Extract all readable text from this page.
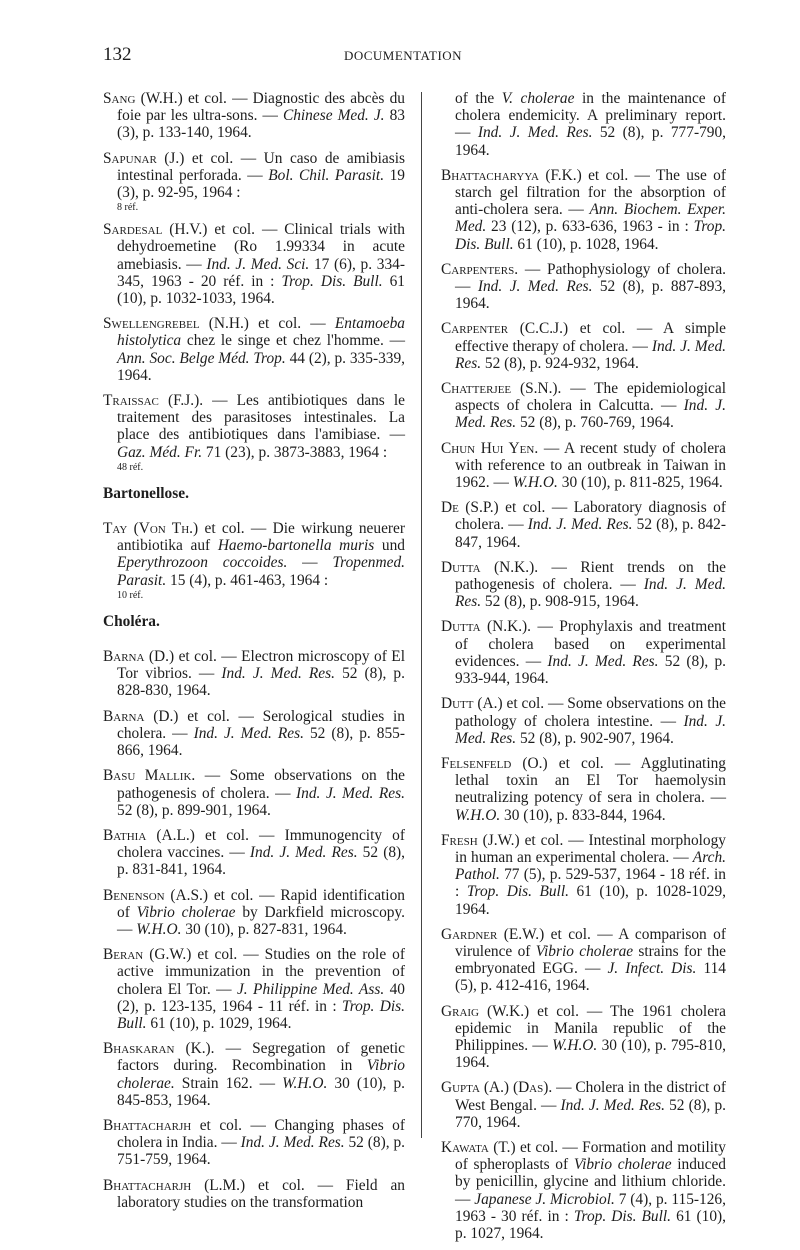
132	DOCUMENTATION

Sang (W.H.) et col. — Diagnostic des abcès du foie par les ultra-sons. — Chinese Med. J. 83 (3), p. 133-140, 1964.

Sapunar (J.) et col. — Un caso de amibiasis intestinal perforada. — Bol. Chil. Parasit. 19 (3), p. 92-95, 1964 :
8 réf.

Sardesal (H.V.) et col. — Clinical trials with dehydroemetine (Ro 1.99334 in acute amebiasis. — Ind. J. Med. Sci. 17 (6), p. 334-345, 1963 - 20 réf. in : Trop. Dis. Bull. 61 (10), p. 1032-1033, 1964.

Swellengrebel (N.H.) et col. — Entamoeba histolytica chez le singe et chez l'homme. — Ann. Soc. Belge Méd. Trop. 44 (2), p. 335-339, 1964.

Traissac (F.J.). — Les antibiotiques dans le traitement des parasitoses intestinales. La place des antibiotiques dans l'amibiase. — Gaz. Méd. Fr. 71 (23), p. 3873-3883, 1964 :
48 réf.

Bartonellose.

Tay (Von Th.) et col. — Die wirkung neuerer antibiotika auf Haemo-bartonella muris und Eperythrozoon coccoides. — Tropenmed. Parasit. 15 (4), p. 461-463, 1964 :
10 réf.

Choléra.

Barna (D.) et col. — Electron microscopy of El Tor vibrios. — Ind. J. Med. Res. 52 (8), p. 828-830, 1964.

Barna (D.) et col. — Serological studies in cholera. — Ind. J. Med. Res. 52 (8), p. 855-866, 1964.

Basu Mallik. — Some observations on the pathogenesis of cholera. — Ind. J. Med. Res. 52 (8), p. 899-901, 1964.

Bathia (A.L.) et col. — Immunogencity of cholera vaccines. — Ind. J. Med. Res. 52 (8), p. 831-841, 1964.

Benenson (A.S.) et col. — Rapid identification of Vibrio cholerae by Darkfield microscopy. — W.H.O. 30 (10), p. 827-831, 1964.

Beran (G.W.) et col. — Studies on the role of active immunization in the prevention of cholera El Tor. — J. Philippine Med. Ass. 40 (2), p. 123-135, 1964 - 11 réf. in : Trop. Dis. Bull. 61 (10), p. 1029, 1964.

Bhaskaran (K.). — Segregation of genetic factors during. Recombination in Vibrio cholerae. Strain 162. — W.H.O. 30 (10), p. 845-853, 1964.

Bhattacharjh et col. — Changing phases of cholera in India. — Ind. J. Med. Res. 52 (8), p. 751-759, 1964.

Bhattacharjh (L.M.) et col. — Field an laboratory studies on the transformation

of the V. cholerae in the maintenance of cholera endemicity. A preliminary report. — Ind. J. Med. Res. 52 (8), p. 777-790, 1964.

Bhattacharyya (F.K.) et col. — The use of starch gel filtration for the absorption of anti-cholera sera. — Ann. Biochem. Exper. Med. 23 (12), p. 633-636, 1963 - in : Trop. Dis. Bull. 61 (10), p. 1028, 1964.

Carpenters. — Pathophysiology of cholera. — Ind. J. Med. Res. 52 (8), p. 887-893, 1964.

Carpenter (C.C.J.) et col. — A simple effective therapy of cholera. — Ind. J. Med. Res. 52 (8), p. 924-932, 1964.

Chatterjee (S.N.). — The epidemiological aspects of cholera in Calcutta. — Ind. J. Med. Res. 52 (8), p. 760-769, 1964.

Chun Hui Yen. — A recent study of cholera with reference to an outbreak in Taiwan in 1962. — W.H.O. 30 (10), p. 811-825, 1964.

De (S.P.) et col. — Laboratory diagnosis of cholera. — Ind. J. Med. Res. 52 (8), p. 842-847, 1964.

Dutta (N.K.). — Rient trends on the pathogenesis of cholera. — Ind. J. Med. Res. 52 (8), p. 908-915, 1964.

Dutta (N.K.). — Prophylaxis and treatment of cholera based on experimental evidences. — Ind. J. Med. Res. 52 (8), p. 933-944, 1964.

Dutt (A.) et col. — Some observations on the pathology of cholera intestine. — Ind. J. Med. Res. 52 (8), p. 902-907, 1964.

Felsenfeld (O.) et col. — Agglutinating lethal toxin an El Tor haemolysin neutralizing potency of sera in cholera. — W.H.O. 30 (10), p. 833-844, 1964.

Fresh (J.W.) et col. — Intestinal morphology in human an experimental cholera. — Arch. Pathol. 77 (5), p. 529-537, 1964 - 18 réf. in : Trop. Dis. Bull. 61 (10), p. 1028-1029, 1964.

Gardner (E.W.) et col. — A comparison of virulence of Vibrio cholerae strains for the embryonated EGG. — J. Infect. Dis. 114 (5), p. 412-416, 1964.

Graig (W.K.) et col. — The 1961 cholera epidemic in Manila republic of the Philippines. — W.H.O. 30 (10), p. 795-810, 1964.

Gupta (A.) (Das). — Cholera in the district of West Bengal. — Ind. J. Med. Res. 52 (8), p. 770, 1964.

Kawata (T.) et col. — Formation and motility of spheroplasts of Vibrio cholerae induced by penicillin, glycine and lithium chloride. — Japanese J. Microbiol. 7 (4), p. 115-126, 1963 - 30 réf. in : Trop. Dis. Bull. 61 (10), p. 1027, 1964.
